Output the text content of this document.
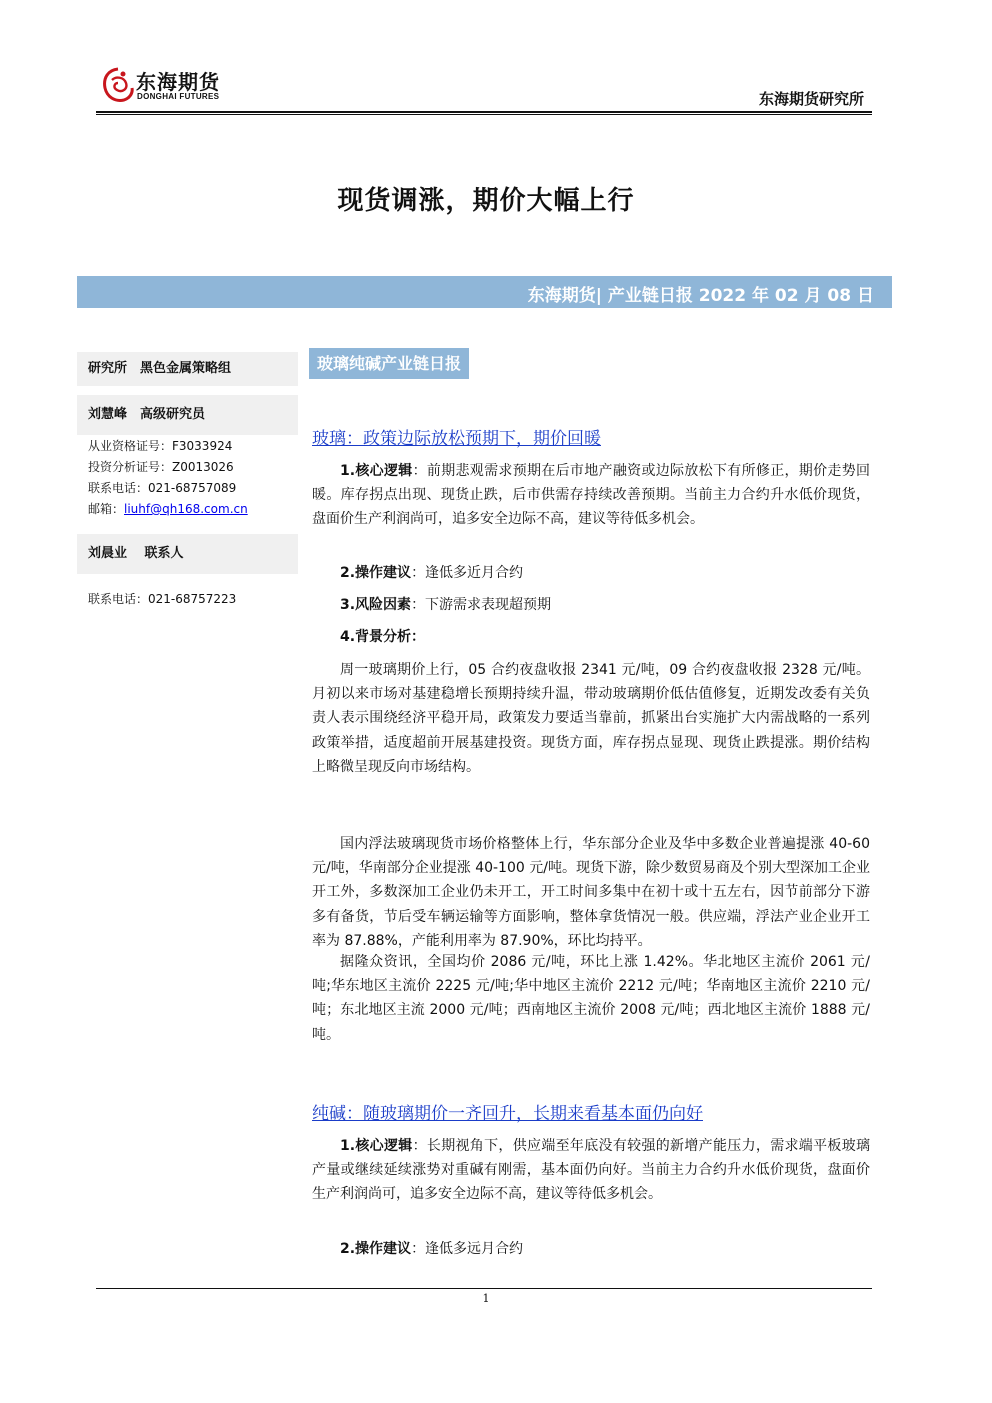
东海期货
DONGHAI FUTURES	东海期货研究所
现货调涨，期价大幅上行
东海期货| 产业链日报 2022 年 02 月 08 日
研究所　黑色金属策略组
刘慧峰　高级研究员
从业资格证号：F3033924
投资分析证号：Z0013026
联系电话：021-68757089
邮箱：liuhf@qh168.com.cn
刘晨业　 联系人
联系电话：021-68757223
玻璃纯碱产业链日报
玻璃：政策边际放松预期下，期价回暖

1.核心逻辑：前期悲观需求预期在后市地产融资或边际放松下有所修正，期价走势回暖。库存拐点出现、现货止跌，后市供需存持续改善预期。当前主力合约升水低价现货，盘面价生产利润尚可，追多安全边际不高，建议等待低多机会。

2.操作建议：逢低多近月合约

3.风险因素：下游需求表现超预期

4.背景分析：

周一玻璃期价上行，05 合约夜盘收报 2341 元/吨，09 合约夜盘收报 2328 元/吨。月初以来市场对基建稳增长预期持续升温，带动玻璃期价低估值修复，近期发改委有关负责人表示围绕经济平稳开局，政策发力要适当靠前，抓紧出台实施扩大内需战略的一系列政策举措，适度超前开展基建投资。现货方面，库存拐点显现、现货止跌提涨。期价结构上略微呈现反向市场结构。

国内浮法玻璃现货市场价格整体上行，华东部分企业及华中多数企业普遍提涨 40-60 元/吨，华南部分企业提涨 40-100 元/吨。现货下游，除少数贸易商及个别大型深加工企业开工外，多数深加工企业仍未开工，开工时间多集中在初十或十五左右，因节前部分下游多有备货，节后受车辆运输等方面影响，整体拿货情况一般。供应端，浮法产业企业开工率为 87.88%，产能利用率为 87.90%，环比均持平。

据隆众资讯，全国均价 2086 元/吨，环比上涨 1.42%。华北地区主流价 2061 元/吨;华东地区主流价 2225 元/吨;华中地区主流价 2212 元/吨；华南地区主流价 2210 元/吨；东北地区主流 2000 元/吨；西南地区主流价 2008 元/吨；西北地区主流价 1888 元/吨。

纯碱：随玻璃期价一齐回升，长期来看基本面仍向好

1.核心逻辑：长期视角下，供应端至年底没有较强的新增产能压力，需求端平板玻璃产量或继续延续涨势对重碱有刚需，基本面仍向好。当前主力合约升水低价现货，盘面价生产利润尚可，追多安全边际不高，建议等待低多机会。

2.操作建议：逢低多远月合约

1
